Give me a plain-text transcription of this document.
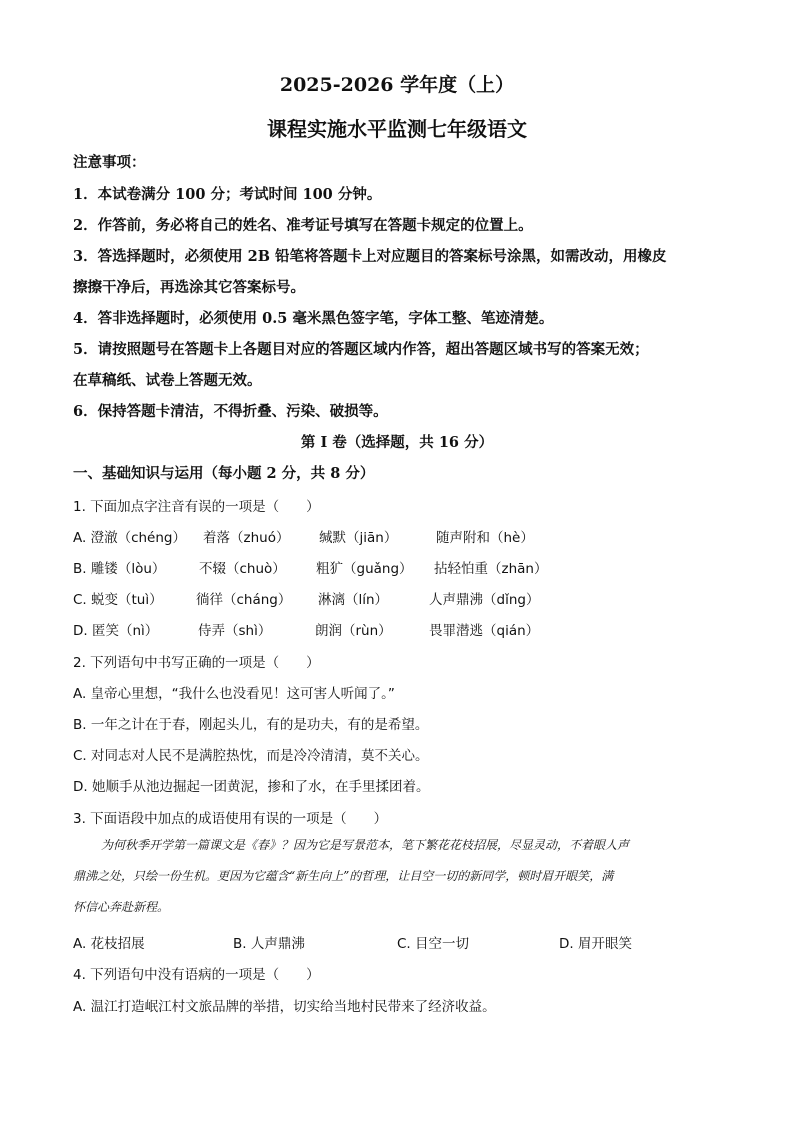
2025-2026 学年度（上）
课程实施水平监测七年级语文
注意事项：
1．本试卷满分 100 分；考试时间 100 分钟。
2．作答前，务必将自己的姓名、准考证号填写在答题卡规定的位置上。
3．答选择题时，必须使用 2B 铅笔将答题卡上对应题目的答案标号涂黑，如需改动，用橡皮
擦擦干净后，再选涂其它答案标号。
4．答非选择题时，必须使用 0.5 毫米黑色签字笔，字体工整、笔迹清楚。
5．请按照题号在答题卡上各题目对应的答题区域内作答，超出答题区域书写的答案无效；
在草稿纸、试卷上答题无效。
6．保持答题卡清洁，不得折叠、污染、破损等。
第 I 卷（选择题，共 16 分）
一、基础知识与运用（每小题 2 分，共 8 分）
1. 下面加点字注音有误的一项是（　　）
A. 澄澈（chéng） 着落（zhuó） 缄默（jiān）	随声附和（hè）
B. 雕镂（lòu） 不辍（chuò） 粗犷（guǎng） 拈轻怕重（zhān）
C. 蜕变（tuì） 徜徉（cháng） 淋漓（lín）	人声鼎沸（dǐng）
D. 匿笑（nì）	侍弄（shì）	朗润（rùn）	畏罪潜逃（qián）
2. 下列语句中书写正确的一项是（　　）
A. 皇帝心里想，“我什么也没看见！这可害人听闻了。”
B. 一年之计在于春，刚起头儿，有的是功夫，有的是希望。
C. 对同志对人民不是满腔热忱，而是冷冷清清，莫不关心。
D. 她顺手从池边掘起一团黄泥，掺和了水，在手里揉团着。
3. 下面语段中加点的成语使用有误的一项是（　　）
为何秋季开学第一篇课文是《春》？因为它是写景范本，笔下繁花花枝招展，尽显灵动，不着眼人声
鼎沸之处，只绘一份生机。更因为它蕴含“新生向上”的哲理，让目空一切的新同学，顿时眉开眼笑，满
怀信心奔赴新程。
A. 花枝招展	B. 人声鼎沸	C. 目空一切	D. 眉开眼笑
4. 下列语句中没有语病的一项是（　　）
A. 温江打造岷江村文旅品牌的举措，切实给当地村民带来了经济收益。
